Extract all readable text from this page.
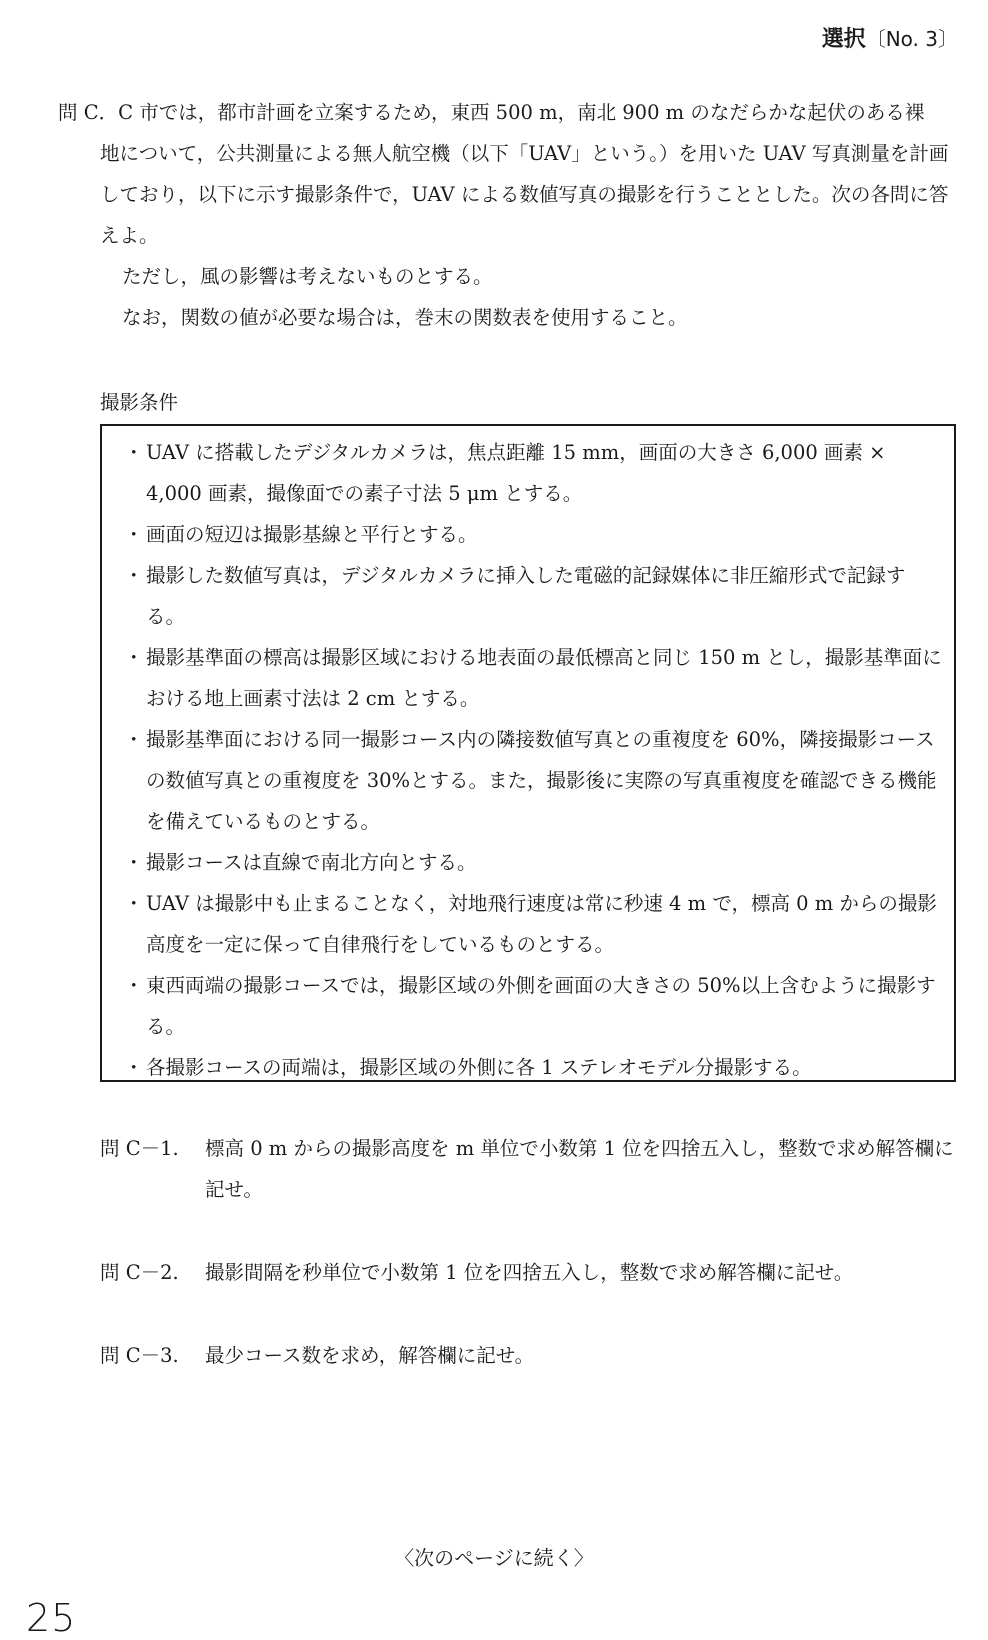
選択〔No. 3〕
問 C．C 市では，都市計画を立案するため，東西 500 m，南北 900 m のなだらかな起伏のある裸
地について，公共測量による無人航空機（以下「UAV」という。）を用いた UAV 写真測量を計画しており，以下に示す撮影条件で，UAV による数値写真の撮影を行うこととした。次の各問に答えよ。
ただし，風の影響は考えないものとする。
なお，関数の値が必要な場合は，巻末の関数表を使用すること。
撮影条件
・ UAV に搭載したデジタルカメラは，焦点距離 15 mm，画面の大きさ 6,000 画素 × 4,000 画素，撮像面での素子寸法 5 μm とする。
・ 画面の短辺は撮影基線と平行とする。
・ 撮影した数値写真は，デジタルカメラに挿入した電磁的記録媒体に非圧縮形式で記録する。
・ 撮影基準面の標高は撮影区域における地表面の最低標高と同じ 150 m とし，撮影基準面における地上画素寸法は 2 cm とする。
・ 撮影基準面における同一撮影コース内の隣接数値写真との重複度を 60%，隣接撮影コースの数値写真との重複度を 30%とする。また，撮影後に実際の写真重複度を確認できる機能を備えているものとする。
・ 撮影コースは直線で南北方向とする。
・ UAV は撮影中も止まることなく，対地飛行速度は常に秒速 4 m で，標高 0 m からの撮影高度を一定に保って自律飛行をしているものとする。
・ 東西両端の撮影コースでは，撮影区域の外側を画面の大きさの 50%以上含むように撮影する。
・ 各撮影コースの両端は，撮影区域の外側に各 1 ステレオモデル分撮影する。
問 C－1.	標高 0 m からの撮影高度を m 単位で小数第 1 位を四捨五入し，整数で求め解答欄に記せ。
問 C－2.	撮影間隔を秒単位で小数第 1 位を四捨五入し，整数で求め解答欄に記せ。
問 C－3.	最少コース数を求め，解答欄に記せ。
〈次のページに続く〉
25
